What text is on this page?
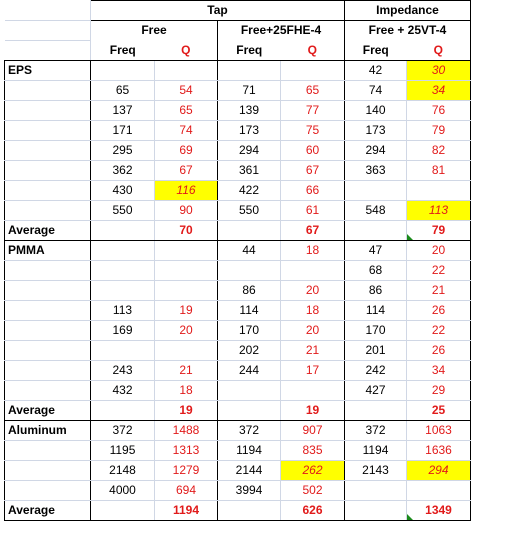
	Tap				Impedance	
	Free		Free+25FHE-4		Free + 25VT-4	
	Freq	Q	Freq	Q	Freq	Q
EPS					42	30
	65	54	71	65	74	34
	137	65	139	77	140	76
	171	74	173	75	173	79
	295	69	294	60	294	82
	362	67	361	67	363	81
	430	116	422	66		
	550	90	550	61	548	113
Average		70		67		79
PMMA			44	18	47	20
					68	22
			86	20	86	21
	113	19	114	18	114	26
	169	20	170	20	170	22
			202	21	201	26
	243	21	244	17	242	34
	432	18			427	29
Average		19		19		25
Aluminum	372	1488	372	907	372	1063
	1195	1313	1194	835	1194	1636
	2148	1279	2144	262	2143	294
	4000	694	3994	502		
Average		1194		626		1349
